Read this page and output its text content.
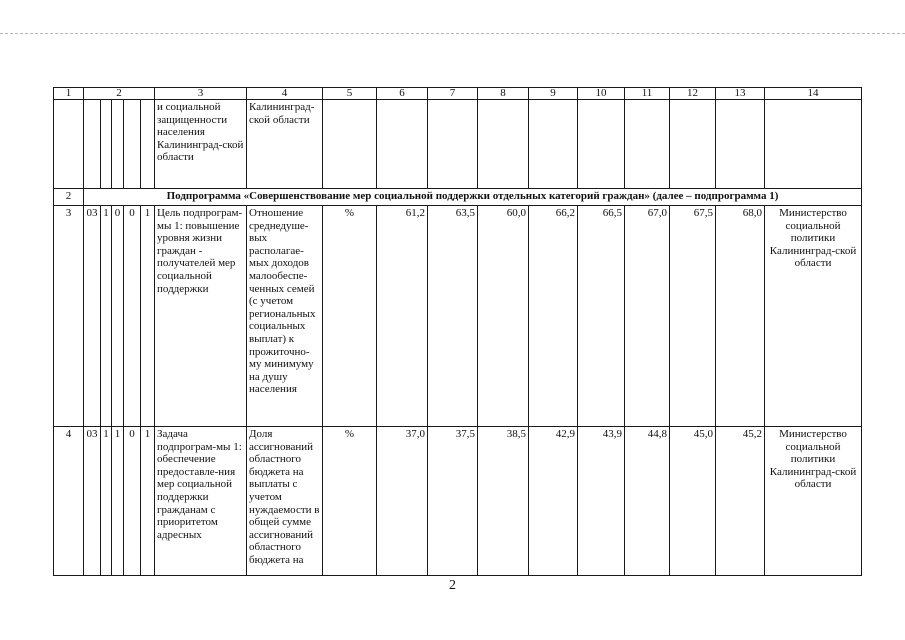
1	2					3	4	5	6	7	8	9	10	11	12	13	14
						и социальной защищенности населения Калининград-ской области	Калининград-ской области										
2	Подпрограмма «Совершенствование мер социальной поддержки отдельных категорий граждан» (далее – подпрограмма 1)																
3	03	1	0	0	1	Цель подпрограм-мы 1: повышение уровня жизни граждан - получателей мер социальной поддержки	Отношение среднедуше-вых располагае-мых доходов малообеспе-ченных семей (с учетом региональных социальных выплат) к прожиточно-му минимуму на душу населения	%	61,2	63,5	60,0	66,2	66,5	67,0	67,5	68,0	Министерство социальной политики Калининград-ской области
4	03	1	1	0	1	Задача подпрограм-мы 1: обеспечение предоставле-ния мер социальной поддержки гражданам с приоритетом адресных	Доля ассигнований областного бюджета на выплаты с учетом нуждаемости в общей сумме ассигнований областного бюджета на	%	37,0	37,5	38,5	42,9	43,9	44,8	45,0	45,2	Министерство социальной политики Калининград-ской области
2
